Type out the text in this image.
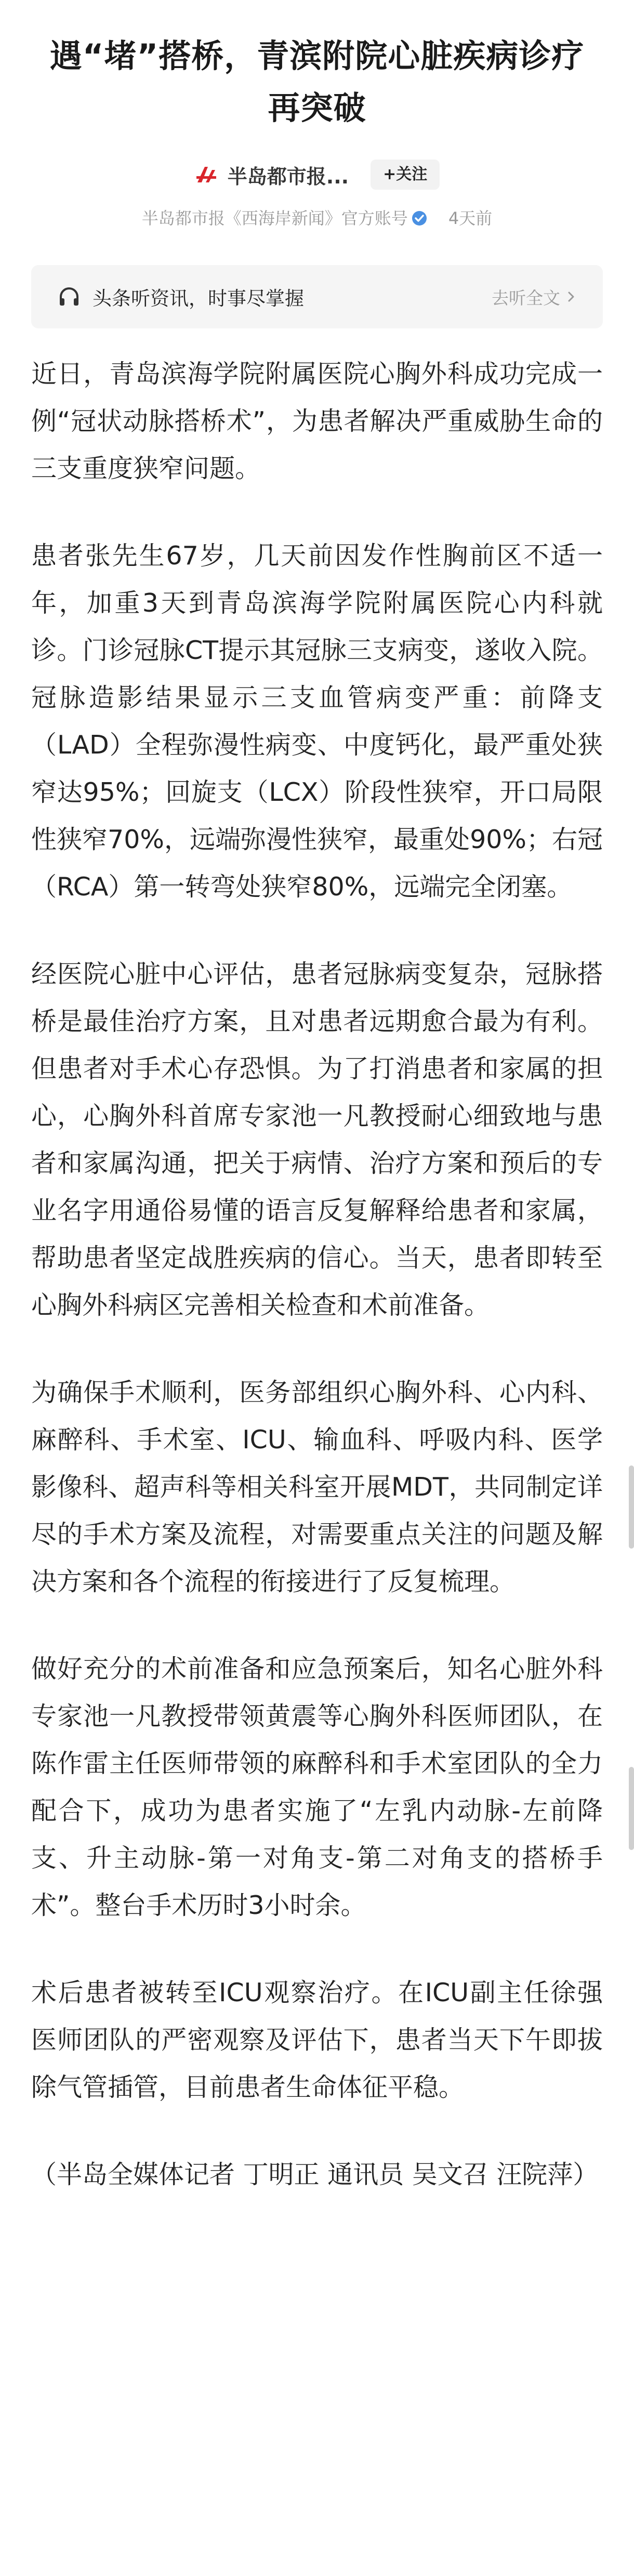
遇“堵”搭桥，青滨附院心脏疾病诊疗再突破
半岛都市报...	+关注
半岛都市报《西海岸新闻》官方账号 4天前
头条听资讯，时事尽掌握	去听全文

近日，青岛滨海学院附属医院心胸外科成功完成一例“冠状动脉搭桥术”，为患者解决严重威胁生命的三支重度狭窄问题。

患者张先生67岁，几天前因发作性胸前区不适一年，加重3天到青岛滨海学院附属医院心内科就诊。门诊冠脉CT提示其冠脉三支病变，遂收入院。冠脉造影结果显示三支血管病变严重：前降支（LAD）全程弥漫性病变、中度钙化，最严重处狭窄达95%；回旋支（LCX）阶段性狭窄，开口局限性狭窄70%，远端弥漫性狭窄，最重处90%；右冠（RCA）第一转弯处狭窄80%，远端完全闭塞。

经医院心脏中心评估，患者冠脉病变复杂，冠脉搭桥是最佳治疗方案，且对患者远期愈合最为有利。但患者对手术心存恐惧。为了打消患者和家属的担心，心胸外科首席专家池一凡教授耐心细致地与患者和家属沟通，把关于病情、治疗方案和预后的专业名字用通俗易懂的语言反复解释给患者和家属，帮助患者坚定战胜疾病的信心。当天，患者即转至心胸外科病区完善相关检查和术前准备。

为确保手术顺利，医务部组织心胸外科、心内科、麻醉科、手术室、ICU、输血科、呼吸内科、医学影像科、超声科等相关科室开展MDT，共同制定详尽的手术方案及流程，对需要重点关注的问题及解决方案和各个流程的衔接进行了反复梳理。

做好充分的术前准备和应急预案后，知名心脏外科专家池一凡教授带领黄震等心胸外科医师团队，在陈作雷主任医师带领的麻醉科和手术室团队的全力配合下，成功为患者实施了“左乳内动脉-左前降支、升主动脉-第一对角支-第二对角支的搭桥手术”。整台手术历时3小时余。

术后患者被转至ICU观察治疗。在ICU副主任徐强医师团队的严密观察及评估下，患者当天下午即拔除气管插管，目前患者生命体征平稳。

（半岛全媒体记者 丁明正 通讯员 吴文召 汪院萍）
